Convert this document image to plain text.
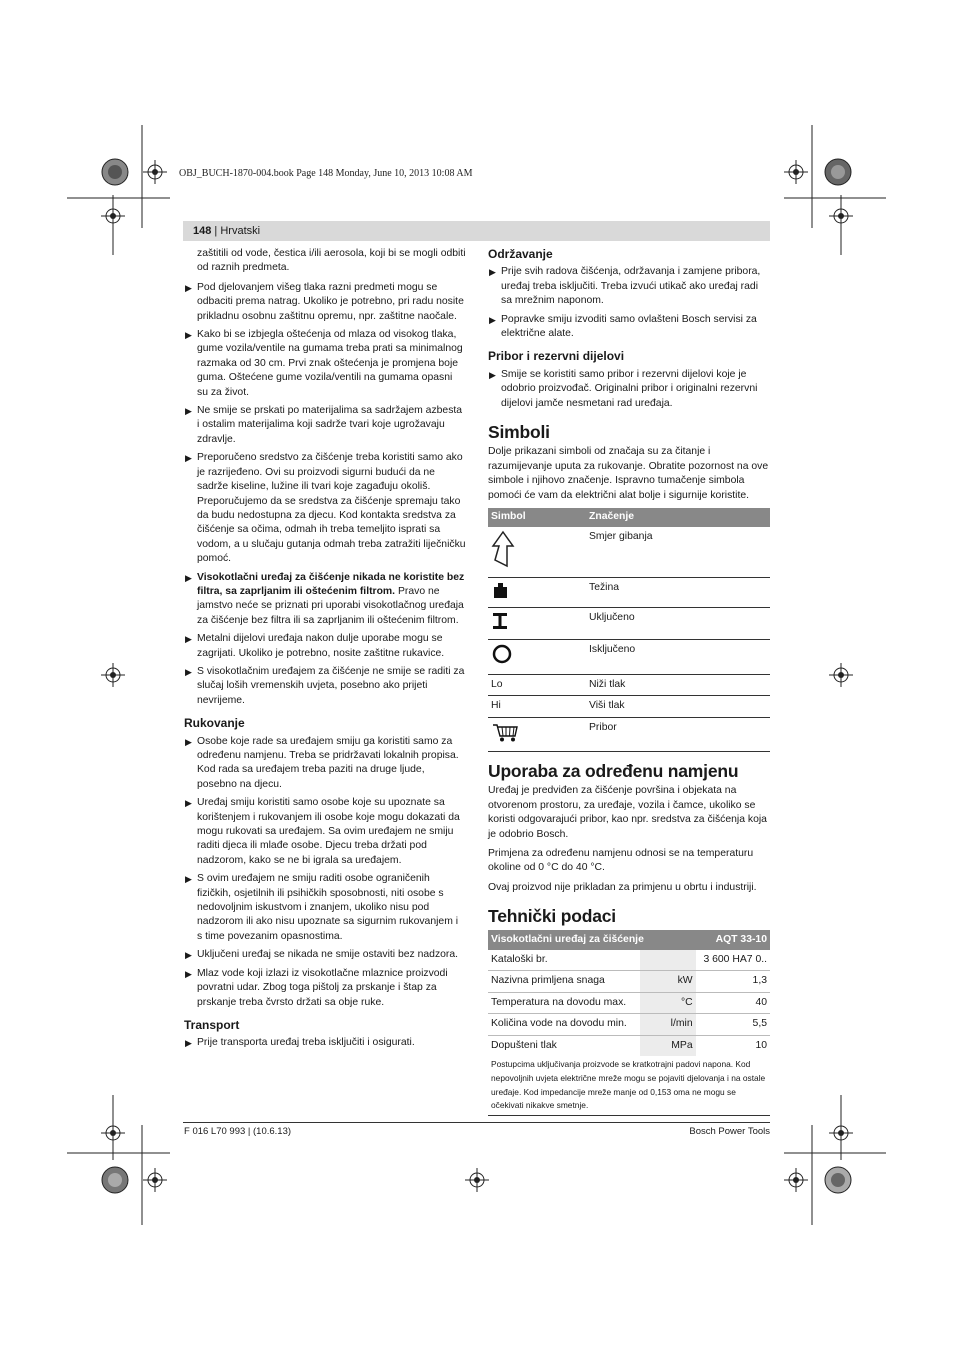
OBJ_BUCH-1870-004.book Page 148 Monday, June 10, 2013 10:08 AM
148 | Hrvatski

zaštitili od vode, čestica i/ili aerosola, koji bi se mogli odbiti od raznih predmeta.

▶ Pod djelovanjem višeg tlaka razni predmeti mogu se odbaciti prema natrag. Ukoliko je potrebno, pri radu nosite prikladnu osobnu zaštitnu opremu, npr. zaštitne naočale.
▶ Kako bi se izbjegla oštećenja od mlaza od visokog tlaka, gume vozila/ventile na gumama treba prati sa minimalnog razmaka od 30 cm. Prvi znak oštećenja je promjena boje guma. Oštećene gume vozila/ventili na gumama opasni su za život.
▶ Ne smije se prskati po materijalima sa sadržajem azbesta i ostalim materijalima koji sadrže tvari koje ugrožavaju zdravlje.
▶ Preporučeno sredstvo za čišćenje treba koristiti samo ako je razrijeđeno. Ovi su proizvodi sigurni budući da ne sadrže kiseline, lužine ili tvari koje zagađuju okoliš. Preporučujemo da se sredstva za čišćenje spremaju tako da budu nedostupna za djecu. Kod kontakta sredstva za čišćenje sa očima, odmah ih treba temeljito isprati sa vodom, a u slučaju gutanja odmah treba zatražiti liječničku pomoć.
▶ Visokotlačni uređaj za čišćenje nikada ne koristite bez filtra, sa zaprljanim ili oštećenim filtrom. Pravo ne jamstvo neće se priznati pri uporabi visokotlačnog uređaja za čišćenje bez filtra ili sa zaprljanim ili oštećenim filtrom.
▶ Metalni dijelovi uređaja nakon dulje uporabe mogu se zagrijati. Ukoliko je potrebno, nosite zaštitne rukavice.
▶ S visokotlačnim uređajem za čišćenje ne smije se raditi za slučaj loših vremenskih uvjeta, posebno ako prijeti nevrijeme.
Rukovanje
▶ Osobe koje rade sa uređajem smiju ga koristiti samo za određenu namjenu. Treba se pridržavati lokalnih propisa. Kod rada sa uređajem treba paziti na druge ljude, posebno na djecu.
▶ Uređaj smiju koristiti samo osobe koje su upoznate sa korištenjem i rukovanjem ili osobe koje mogu dokazati da mogu rukovati sa uređajem. Sa ovim uređajem ne smiju raditi djeca ili mlađe osobe. Djecu treba držati pod nadzorom, kako se ne bi igrala sa uređajem.
▶ S ovim uređajem ne smiju raditi osobe ograničenih fizičkih, osjetilnih ili psihičkih sposobnosti, niti osobe s nedovoljnim iskustvom i znanjem, ukoliko nisu pod nadzorom ili ako nisu upoznate sa sigurnim rukovanjem i s time povezanim opasnostima.
▶ Uključeni uređaj se nikada ne smije ostaviti bez nadzora.
▶ Mlaz vode koji izlazi iz visokotlačne mlaznice proizvodi povratni udar. Zbog toga pištolj za prskanje i štap za prskanje treba čvrsto držati sa obje ruke.
Transport
▶ Prije transporta uređaj treba isključiti i osigurati.
Održavanje
▶ Prije svih radova čišćenja, održavanja i zamjene pribora, uređaj treba isključiti. Treba izvući utikač ako uređaj radi sa mrežnim naponom.
▶ Popravke smiju izvoditi samo ovlašteni Bosch servisi za električne alate.
Pribor i rezervni dijelovi
▶ Smije se koristiti samo pribor i rezervni dijelovi koje je odobrio proizvođač. Originalni pribor i originalni rezervni dijelovi jamče nesmetani rad uređaja.
Simboli

Dolje prikazani simboli od značaja su za čitanje i razumijevanje uputa za rukovanje. Obratite pozornost na ove simbole i njihovo značenje. Ispravno tumačenje simbola pomoći će vam da električni alat bolje i sigurnije koristite.

Simbol	Značenje
	Smjer gibanja
	Težina
	Uključeno
	Isključeno
Lo	Niži tlak
Hi	Viši tlak
	Pribor
Uporaba za određenu namjenu

Uređaj je predviđen za čišćenje površina i objekata na otvorenom prostoru, za uređaje, vozila i čamce, ukoliko se koristi odgovarajući pribor, kao npr. sredstva za čišćenja koja je odobrio Bosch.

Primjena za određenu namjenu odnosi se na temperaturu okoline od 0 °C do 40 °C.

Ovaj proizvod nije prikladan za primjenu u obrtu i industriji.

Tehnički podaci
Visokotlačni uređaj za čišćenje		AQT 33-10
Kataloški br.		3 600 HA7 0..
Nazivna primljena snaga	kW	1,3
Temperatura na dovodu max.	°C	40
Količina vode na dovodu min.	l/min	5,5
Dopušteni tlak	MPa	10
Postupcima uključivanja proizvode se kratkotrajni padovi napona. Kod nepovoljnih uvjeta električne mreže mogu se pojaviti djelovanja i na ostale uređaje. Kod impedancije mreže manje od 0,153 oma ne mogu se očekivati nikakve smetnje.
F 016 L70 993 | (10.6.13)	Bosch Power Tools
